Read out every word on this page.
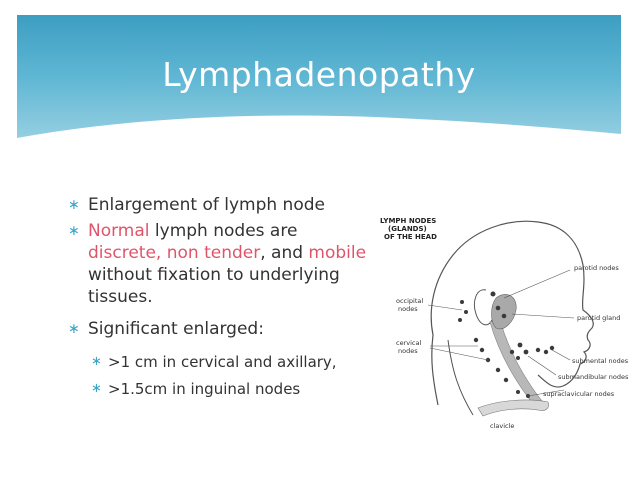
Lymphadenopathy
∗ Enlargement of lymph node
∗ Normal lymph nodes are
discrete, non tender, and mobile
without fixation to underlying
tissues.
∗ Significant enlarged:
∗ >1 cm in cervical and axillary,
∗ >1.5cm in inguinal nodes
LYMPH NODES
(GLANDS)
OF THE HEAD
parotid nodes
parotid gland
occipital
nodes
cervical
nodes
submental nodes
submandibular nodes
supraclavicular nodes
clavicle
